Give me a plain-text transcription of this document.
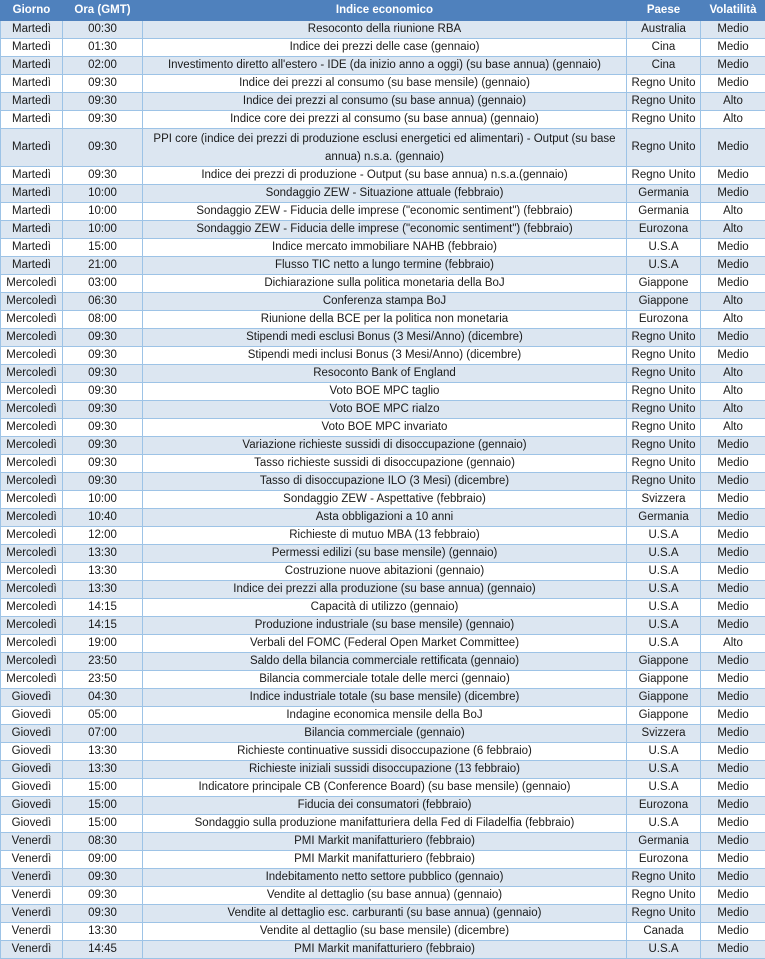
Giorno	Ora (GMT)	Indice economico	Paese	Volatilità
Martedì	00:30	Resoconto della riunione RBA	Australia	Medio
Martedì	01:30	Indice dei prezzi delle case (gennaio)	Cina	Medio
Martedì	02:00	Investimento diretto all'estero - IDE (da inizio anno a oggi) (su base annua) (gennaio)	Cina	Medio
Martedì	09:30	Indice dei prezzi al consumo (su base mensile) (gennaio)	Regno Unito	Medio
Martedì	09:30	Indice dei prezzi al consumo (su base annua) (gennaio)	Regno Unito	Alto
Martedì	09:30	Indice core dei prezzi al consumo (su base annua) (gennaio)	Regno Unito	Alto
Martedì	09:30	PPI core (indice dei prezzi di produzione esclusi energetici ed alimentari) - Output (su base annua) n.s.a. (gennaio)	Regno Unito	Medio
Martedì	09:30	Indice dei prezzi di produzione - Output (su base annua) n.s.a.(gennaio)	Regno Unito	Medio
Martedì	10:00	Sondaggio ZEW - Situazione attuale (febbraio)	Germania	Medio
Martedì	10:00	Sondaggio ZEW - Fiducia delle imprese ("economic sentiment") (febbraio)	Germania	Alto
Martedì	10:00	Sondaggio ZEW - Fiducia delle imprese ("economic sentiment") (febbraio)	Eurozona	Alto
Martedì	15:00	Indice mercato immobiliare NAHB (febbraio)	U.S.A	Medio
Martedì	21:00	Flusso TIC netto a lungo termine (febbraio)	U.S.A	Medio
Mercoledì	03:00	Dichiarazione sulla politica monetaria della BoJ	Giappone	Medio
Mercoledì	06:30	Conferenza stampa BoJ	Giappone	Alto
Mercoledì	08:00	Riunione della BCE per la politica non monetaria	Eurozona	Alto
Mercoledì	09:30	Stipendi medi esclusi Bonus (3 Mesi/Anno) (dicembre)	Regno Unito	Medio
Mercoledì	09:30	Stipendi medi inclusi Bonus (3 Mesi/Anno) (dicembre)	Regno Unito	Medio
Mercoledì	09:30	Resoconto Bank of England	Regno Unito	Alto
Mercoledì	09:30	Voto BOE MPC taglio	Regno Unito	Alto
Mercoledì	09:30	Voto BOE MPC rialzo	Regno Unito	Alto
Mercoledì	09:30	Voto BOE MPC invariato	Regno Unito	Alto
Mercoledì	09:30	Variazione richieste sussidi di disoccupazione (gennaio)	Regno Unito	Medio
Mercoledì	09:30	Tasso richieste sussidi di disoccupazione (gennaio)	Regno Unito	Medio
Mercoledì	09:30	Tasso di disoccupazione ILO (3 Mesi) (dicembre)	Regno Unito	Medio
Mercoledì	10:00	Sondaggio ZEW - Aspettative (febbraio)	Svizzera	Medio
Mercoledì	10:40	Asta obbligazioni a 10 anni	Germania	Medio
Mercoledì	12:00	Richieste di mutuo MBA (13 febbraio)	U.S.A	Medio
Mercoledì	13:30	Permessi edilizi (su base mensile) (gennaio)	U.S.A	Medio
Mercoledì	13:30	Costruzione nuove abitazioni (gennaio)	U.S.A	Medio
Mercoledì	13:30	Indice dei prezzi alla produzione (su base annua) (gennaio)	U.S.A	Medio
Mercoledì	14:15	Capacità di utilizzo (gennaio)	U.S.A	Medio
Mercoledì	14:15	Produzione industriale (su base mensile) (gennaio)	U.S.A	Medio
Mercoledì	19:00	Verbali del FOMC (Federal Open Market Committee)	U.S.A	Alto
Mercoledì	23:50	Saldo della bilancia commerciale rettificata (gennaio)	Giappone	Medio
Mercoledì	23:50	Bilancia commerciale totale delle merci (gennaio)	Giappone	Medio
Giovedì	04:30	Indice industriale totale (su base mensile) (dicembre)	Giappone	Medio
Giovedì	05:00	Indagine economica mensile della BoJ	Giappone	Medio
Giovedì	07:00	Bilancia commerciale (gennaio)	Svizzera	Medio
Giovedì	13:30	Richieste continuative sussidi disoccupazione (6 febbraio)	U.S.A	Medio
Giovedì	13:30	Richieste iniziali sussidi disoccupazione (13 febbraio)	U.S.A	Medio
Giovedì	15:00	Indicatore principale CB (Conference Board) (su base mensile) (gennaio)	U.S.A	Medio
Giovedì	15:00	Fiducia dei consumatori (febbraio)	Eurozona	Medio
Giovedì	15:00	Sondaggio sulla produzione manifatturiera della Fed di Filadelfia (febbraio)	U.S.A	Medio
Venerdì	08:30	PMI Markit manifatturiero (febbraio)	Germania	Medio
Venerdì	09:00	PMI Markit manifatturiero (febbraio)	Eurozona	Medio
Venerdì	09:30	Indebitamento netto settore pubblico (gennaio)	Regno Unito	Medio
Venerdì	09:30	Vendite al dettaglio (su base annua) (gennaio)	Regno Unito	Medio
Venerdì	09:30	Vendite al dettaglio esc. carburanti (su base annua) (gennaio)	Regno Unito	Medio
Venerdì	13:30	Vendite al dettaglio (su base mensile) (dicembre)	Canada	Medio
Venerdì	14:45	PMI Markit manifatturiero (febbraio)	U.S.A	Medio
